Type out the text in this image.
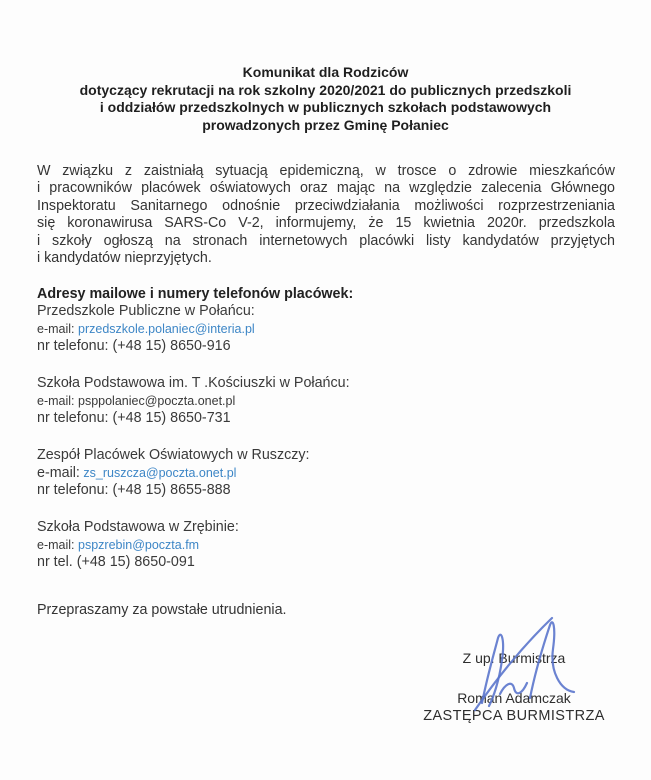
Komunikat dla Rodziców
dotyczący rekrutacji na rok szkolny 2020/2021 do publicznych przedszkoli
i oddziałów przedszkolnych w publicznych szkołach podstawowych
prowadzonych przez Gminę Połaniec
W związku z zaistniałą sytuacją epidemiczną, w trosce o zdrowie mieszkańców
i pracowników placówek oświatowych oraz mając na względzie zalecenia Głównego
Inspektoratu Sanitarnego odnośnie przeciwdziałania możliwości rozprzestrzeniania
się koronawirusa SARS-Co V-2, informujemy, że 15 kwietnia 2020r. przedszkola
i szkoły ogłoszą na stronach internetowych placówki listy kandydatów przyjętych
i kandydatów nieprzyjętych.
Adresy mailowe i numery telefonów placówek:
Przedszkole Publiczne w Połańcu:
e-mail: przedszkole.polaniec@interia.pl
nr telefonu: (+48 15) 8650-916
Szkoła Podstawowa im. T .Kościuszki w Połańcu:
e-mail: psppolaniec@poczta.onet.pl
nr telefonu: (+48 15) 8650-731
Zespół Placówek Oświatowych w Ruszczy:
e-mail: zs_ruszcza@poczta.onet.pl
nr telefonu: (+48 15) 8655-888
Szkoła Podstawowa w Zrębinie:
e-mail: pspzrebin@poczta.fm
nr tel. (+48 15) 8650-091
Przepraszamy za powstałe utrudnienia.
Z up. Burmistrza
Roman Adamczak
ZASTĘPCA BURMISTRZA
